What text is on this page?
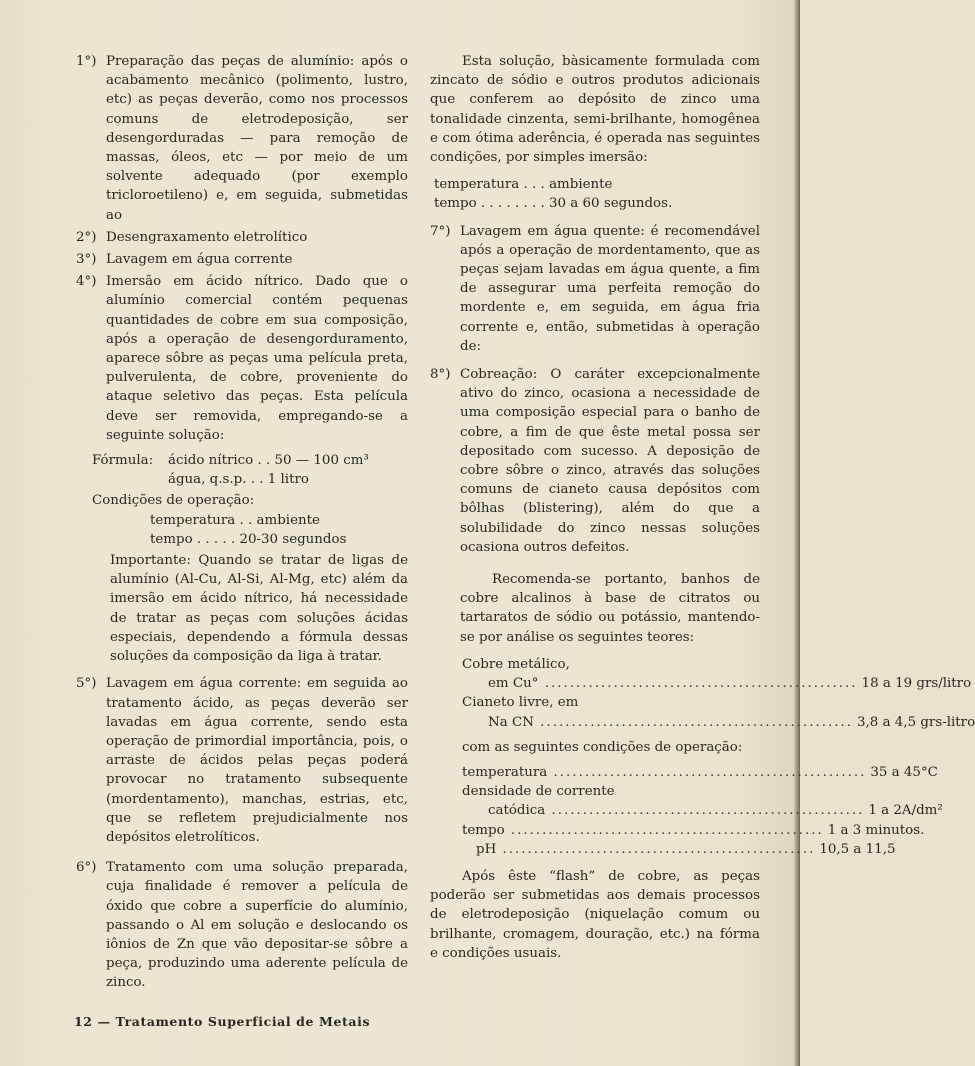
1°) Preparação das peças de alumínio: após o acabamento mecânico (polimento, lustro, etc) as peças deverão, como nos processos comuns de eletrodeposição, ser desengorduradas — para remoção de massas, óleos, etc — por meio de um solvente adequado (por exemplo tricloroetileno) e, em seguida, submetidas ao
2°) Desengraxamento eletrolítico
3°) Lavagem em água corrente
4°) Imersão em ácido nítrico. Dado que o alumínio comercial contém pequenas quantidades de cobre em sua composição, após a operação de desengorduramento, aparece sôbre as peças uma película preta, pulverulenta, de cobre, proveniente do ataque seletivo das peças. Esta película deve ser removida, empregando-se a seguinte solução:
Fórmula:	ácido nítrico . . 50 — 100 cm³
água, q.s.p. . . 1 litro
Condições de operação:
temperatura . . ambiente
tempo . . . . . 20-30 segundos
Importante: Quando se tratar de ligas de alumínio (Al-Cu, Al-Si, Al-Mg, etc) além da imersão em ácido nítrico, há necessidade de tratar as peças com soluções ácidas especiais, dependendo a fórmula dessas soluções da composição da liga à tratar.
5°) Lavagem em água corrente: em seguida ao tratamento ácido, as peças deverão ser lavadas em água corrente, sendo esta operação de primordial importância, pois, o arraste de ácidos pelas peças poderá provocar no tratamento subsequente (mordentamento), manchas, estrias, etc, que se refletem prejudicialmente nos depósitos eletrolíticos.
6°) Tratamento com uma solução preparada, cuja finalidade é remover a película de óxido que cobre a superfície do alumínio, passando o Al em solução e deslocando os iônios de Zn que vão depositar-se sôbre a peça, produzindo uma aderente película de zinco.

Esta solução, bàsicamente formulada com zincato de sódio e outros produtos adicionais que conferem ao depósito de zinco uma tonalidade cinzenta, semi-brilhante, homogênea e com ótima aderência, é operada nas seguintes condições, por simples imersão:

temperatura . . . ambiente
tempo . . . . . . . . 30 a 60 segundos.
7°) Lavagem em água quente: é recomendável após a operação de mordentamento, que as peças sejam lavadas em água quente, a fim de assegurar uma perfeita remoção do mordente e, em seguida, em água fria corrente e, então, submetidas à operação de:
8°) Cobreação: O caráter excepcionalmente ativo do zinco, ocasiona a necessidade de uma composição especial para o banho de cobre, a fim de que êste metal possa ser depositado com sucesso. A deposição de cobre sôbre o zinco, através das soluções comuns de cianeto causa depósitos com bôlhas (blistering), além do que a solubilidade do zinco nessas soluções ocasiona outros defeitos.

Recomenda-se portanto, banhos de cobre alcalinos à base de citratos ou tartaratos de sódio ou potássio, mantendo-se por análise os seguintes teores:

Cobre metálico,
em Cu° .................................................. 18 a 19 grs/litro
Cianeto livre, em
Na CN .................................................. 3,8 a 4,5 grs-litro
com as seguintes condições de operação:
temperatura .................................................. 35 a 45°C
densidade de corrente
catódica .................................................. 1 a 2A/dm²
tempo .................................................. 1 a 3 minutos.
pH .................................................. 10,5 a 11,5

Após êste “flash” de cobre, as peças poderão ser submetidas aos demais processos de eletrodeposição (niquelação comum ou brilhante, cromagem, douração, etc.) na fórma e condições usuais.

12 — Tratamento Superficial de Metais
